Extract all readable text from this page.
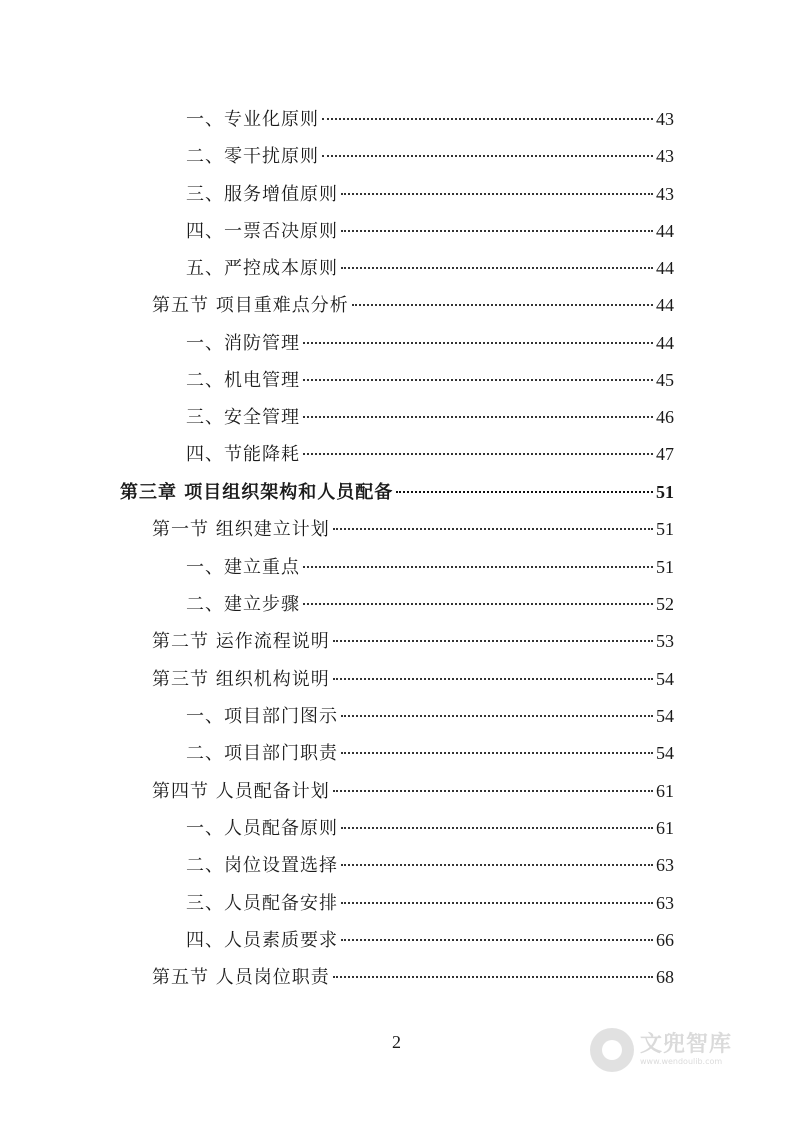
一、专业化原则	43
二、零干扰原则	43
三、服务增值原则	43
四、一票否决原则	44
五、严控成本原则	44
第五节 项目重难点分析	44
一、消防管理	44
二、机电管理	45
三、安全管理	46
四、节能降耗	47
第三章 项目组织架构和人员配备	51
第一节 组织建立计划	51
一、建立重点	51
二、建立步骤	52
第二节 运作流程说明	53
第三节 组织机构说明	54
一、项目部门图示	54
二、项目部门职责	54
第四节 人员配备计划	61
一、人员配备原则	61
二、岗位设置选择	63
三、人员配备安排	63
四、人员素质要求	66
第五节 人员岗位职责	68
2	文兜智库
www.wendoulib.com
